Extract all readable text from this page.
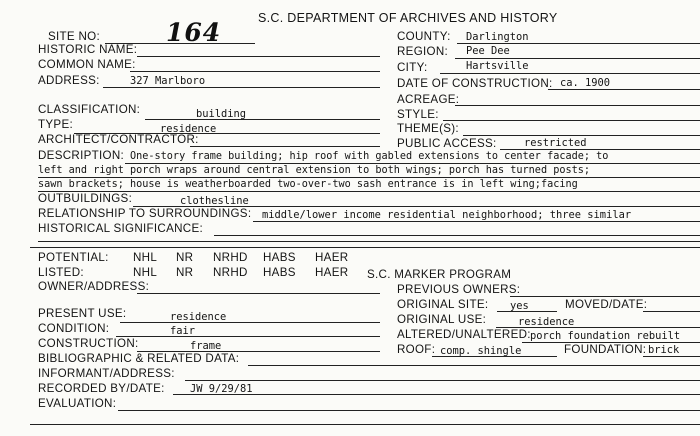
S.C. DEPARTMENT OF ARCHIVES AND HISTORY
SITE NO:	164
HISTORIC NAME:
COMMON NAME:
ADDRESS:	327 Marlboro
COUNTY: Darlington
REGION: Pee Dee
CITY:	Hartsville
DATE OF CONSTRUCTION: ca. 1900
ACREAGE:
CLASSIFICATION:	building	STYLE:
TYPE:	residence	THEME(S):
ARCHITECT/CONTRACTOR:	PUBLIC ACCESS:	restricted
DESCRIPTION: One-story frame building; hip roof with gabled extensions to center facade; to
left and right porch wraps around central extension to both wings; porch has turned posts;
sawn brackets; house is weatherboarded two-over-two sash entrance is in left wing;facing
OUTBUILDINGS:	clothesline
RELATIONSHIP TO SURROUNDINGS: middle/lower income residential neighborhood; three similar
HISTORICAL SIGNIFICANCE:
POTENTIAL: NHL NR NRHD HABS HAER
LISTED:	NHL NR NRHD HABS HAER S.C. MARKER PROGRAM
OWNER/ADDRESS:	PREVIOUS OWNERS:
ORIGINAL SITE: yes	MOVED/DATE:
PRESENT USE:	residence	ORIGINAL USE:	residence
CONDITION:	fair	ALTERED/UNALTERED: porch foundation rebuilt
CONSTRUCTION:	frame	ROOF: comp. shingle	FOUNDATION: brick
BIBLIOGRAPHIC & RELATED DATA:
INFORMANT/ADDRESS:
RECORDED BY/DATE: JW 9/29/81
EVALUATION:
